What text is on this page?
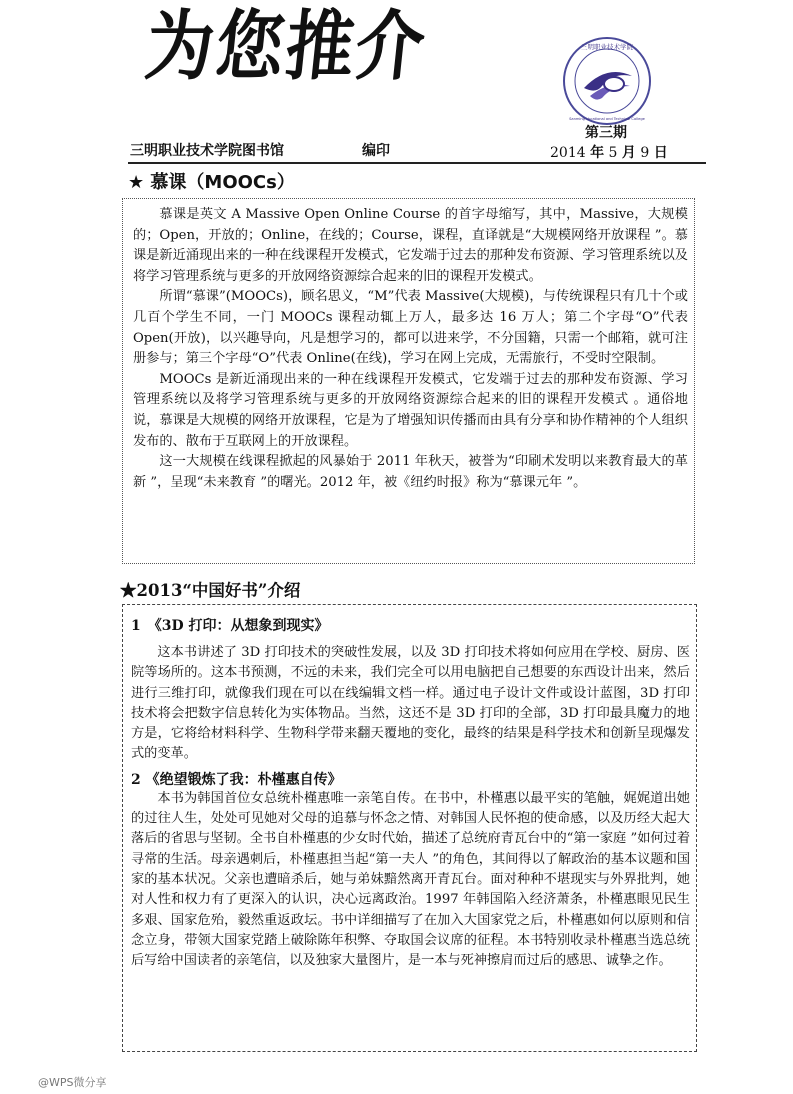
为您推介	三明职业技术学院
Sanming Vocational and Technical College
三明职业技术学院图书馆	编印
第三期
2014 年 5 月 9 日
★ 慕课（MOOCs）

慕课是英文 A Massive Open Online Course 的首字母缩写，其中，Massive，大规模的；Open，开放的；Online，在线的；Course，课程，直译就是“大规模网络开放课程 ”。慕课是新近涌现出来的一种在线课程开发模式，它发端于过去的那种发布资源、学习管理系统以及将学习管理系统与更多的开放网络资源综合起来的旧的课程开发模式。

所谓“慕课”(MOOCs)，顾名思义，“M”代表 Massive(大规模)，与传统课程只有几十个或几百个学生不同，一门 MOOCs 课程动辄上万人，最多达 16 万人；第二个字母“O”代表 Open(开放)，以兴趣导向，凡是想学习的，都可以进来学，不分国籍，只需一个邮箱，就可注册参与；第三个字母“O”代表 Online(在线)，学习在网上完成，无需旅行，不受时空限制。

MOOCs 是新近涌现出来的一种在线课程开发模式，它发端于过去的那种发布资源、学习管理系统以及将学习管理系统与更多的开放网络资源综合起来的旧的课程开发模式 。通俗地说，慕课是大规模的网络开放课程，它是为了增强知识传播而由具有分享和协作精神的个人组织发布的、散布于互联网上的开放课程。

这一大规模在线课程掀起的风暴始于 2011 年秋天，被誉为“印刷术发明以来教育最大的革新 ”，呈现“未来教育 ”的曙光。2012 年，被《纽约时报》称为“慕课元年 ”。

★2013“中国好书”介绍
1　《3D 打印：从想象到现实》

这本书讲述了 3D 打印技术的突破性发展，以及 3D 打印技术将如何应用在学校、厨房、医院等场所的。这本书预测，不远的未来，我们完全可以用电脑把自己想要的东西设计出来，然后进行三维打印，就像我们现在可以在线编辑文档一样。通过电子设计文件或设计蓝图，3D 打印技术将会把数字信息转化为实体物品。当然，这还不是 3D 打印的全部，3D 打印最具魔力的地方是，它将给材料科学、生物科学带来翻天覆地的变化，最终的结果是科学技术和创新呈现爆发式的变革。

2 《绝望锻炼了我：朴槿惠自传》

本书为韩国首位女总统朴槿惠唯一亲笔自传。在书中，朴槿惠以最平实的笔触，娓娓道出她的过往人生，处处可见她对父母的追慕与怀念之情、对韩国人民怀抱的使命感，以及历经大起大落后的省思与坚韧。全书自朴槿惠的少女时代始，描述了总统府青瓦台中的“第一家庭 ”如何过着寻常的生活。母亲遇刺后，朴槿惠担当起“第一夫人 ”的角色，其间得以了解政治的基本议题和国家的基本状况。父亲也遭暗杀后，她与弟妹黯然离开青瓦台。面对种种不堪现实与外界批判，她对人性和权力有了更深入的认识，决心远离政治。1997 年韩国陷入经济萧条，朴槿惠眼见民生多艰、国家危殆，毅然重返政坛。书中详细描写了在加入大国家党之后，朴槿惠如何以原则和信念立身，带领大国家党踏上破除陈年积弊、夺取国会议席的征程。本书特别收录朴槿惠当选总统后写给中国读者的亲笔信，以及独家大量图片，是一本与死神擦肩而过后的感思、诚挚之作。

@WPS微分享
